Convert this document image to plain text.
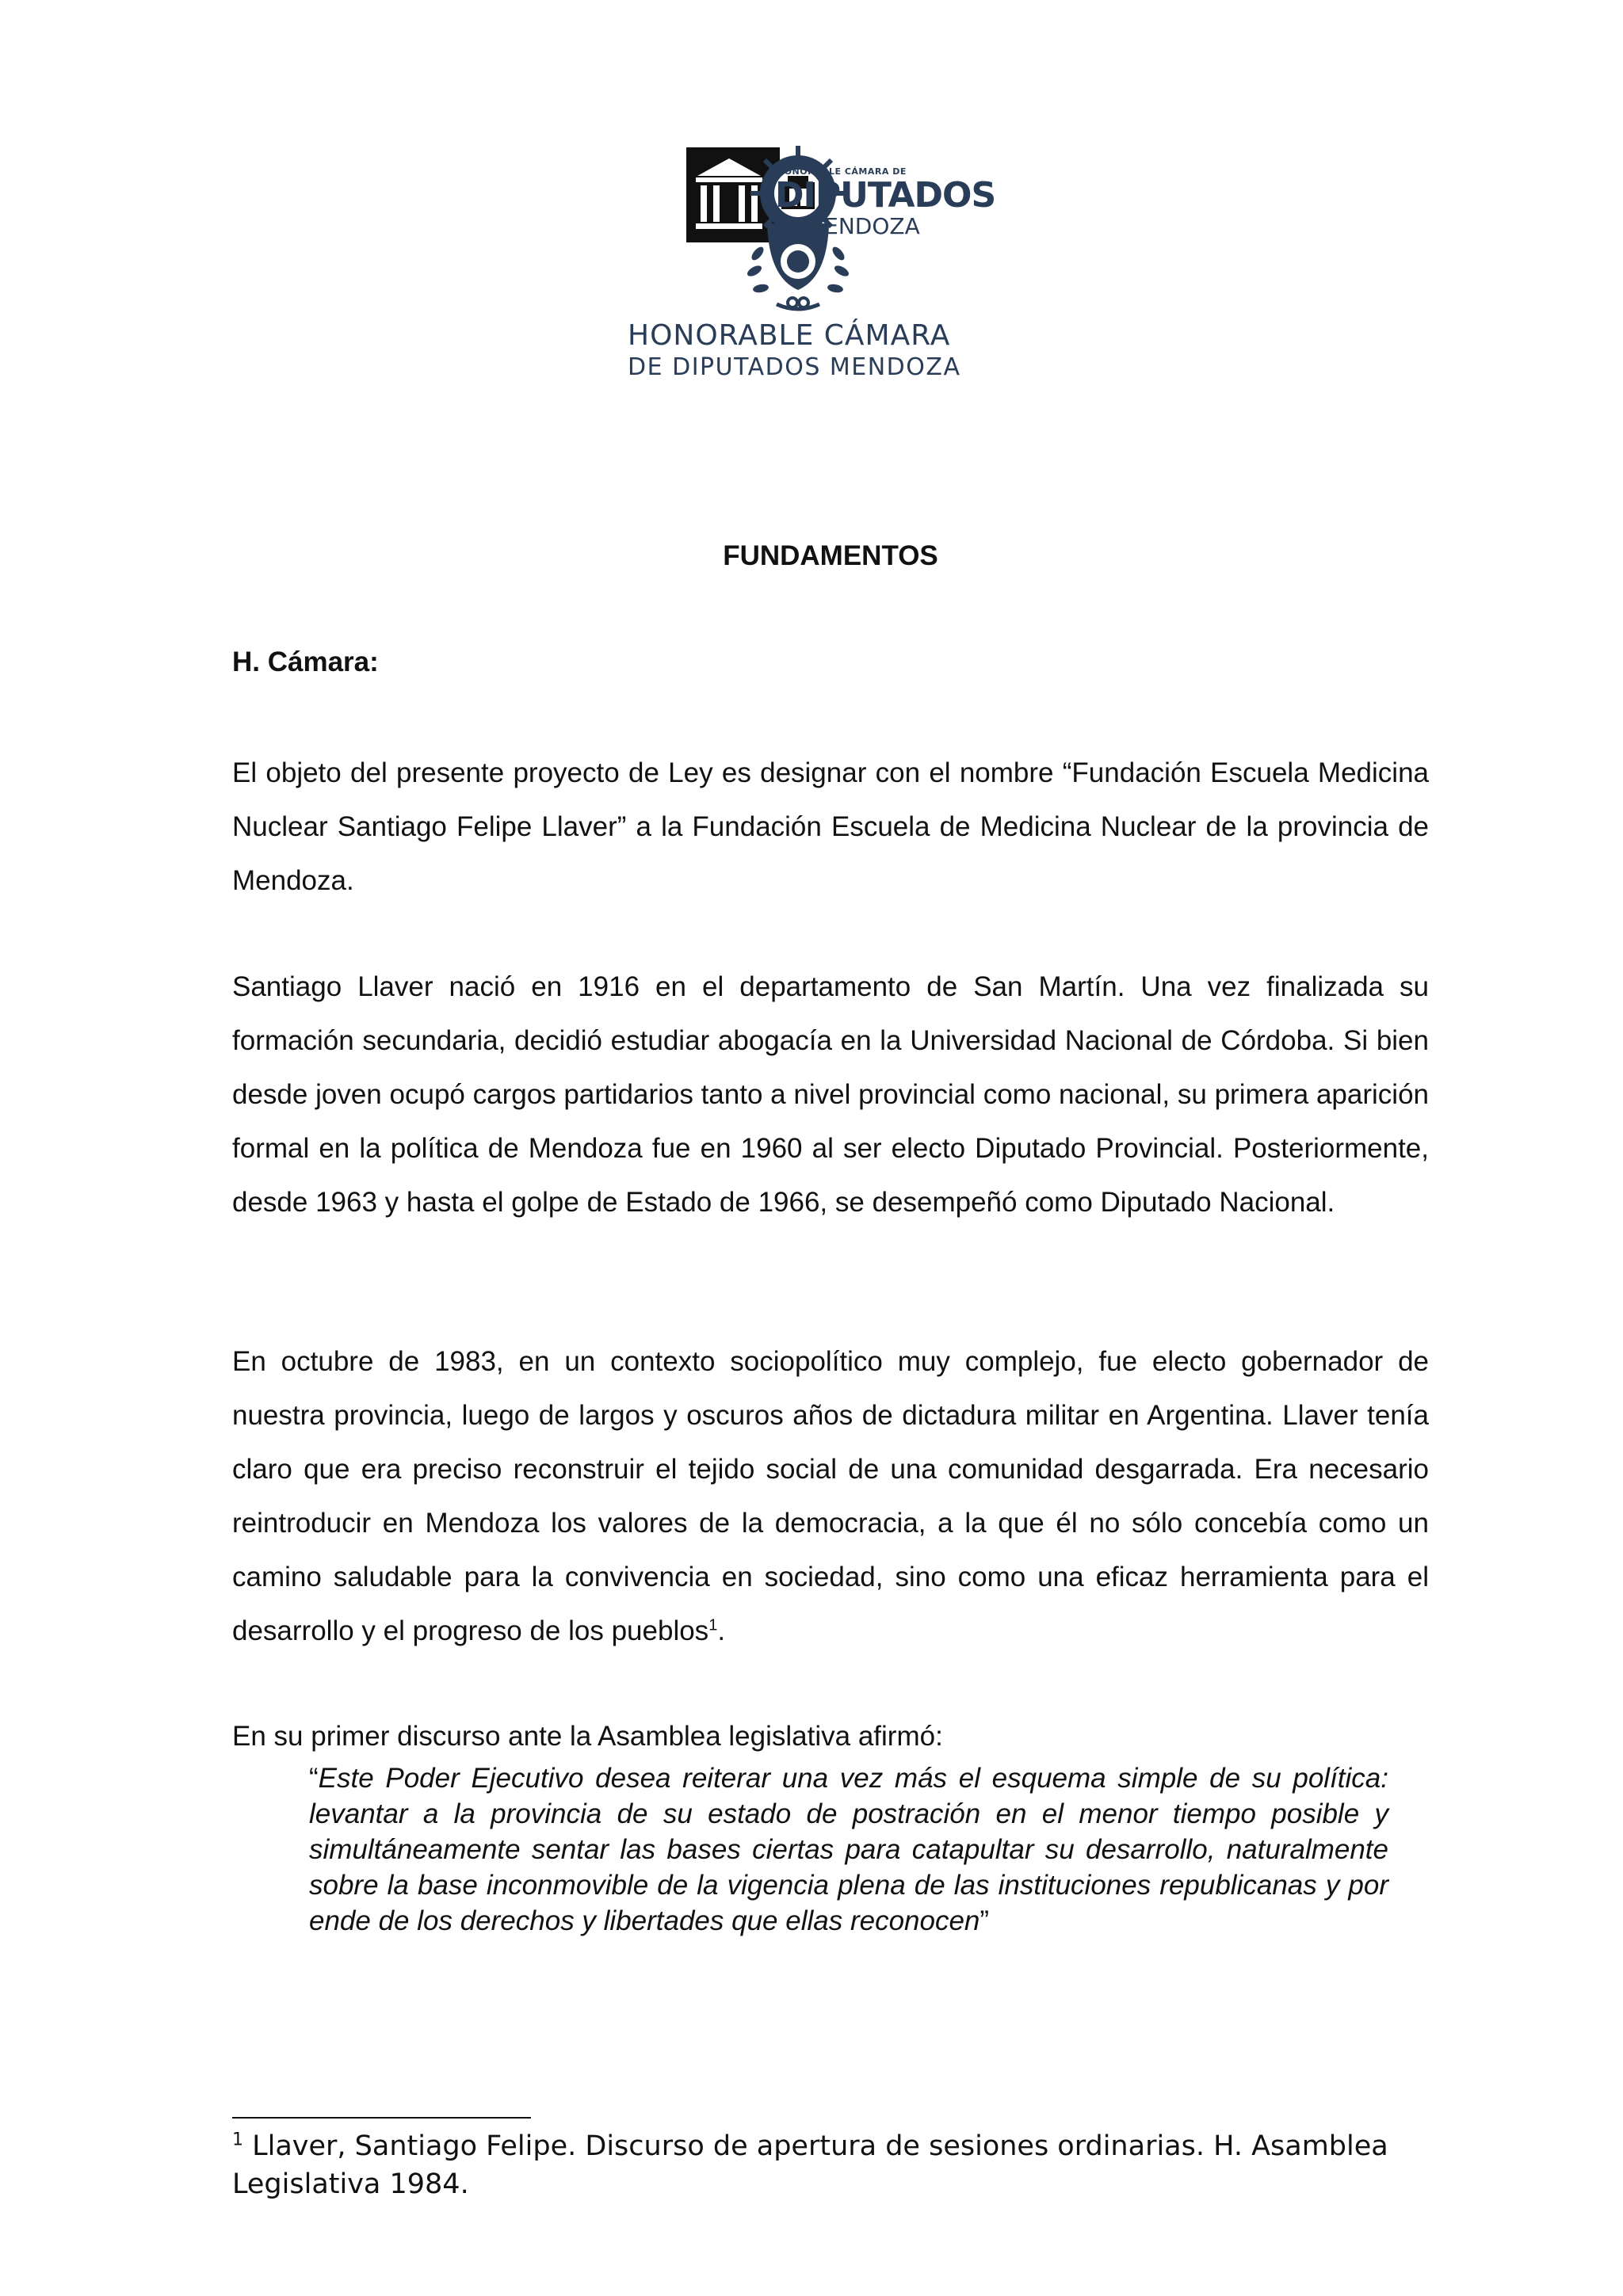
HONORABLE CÁMARA DE
DIPUTADOS
MENDOZA
HONORABLE CÁMARA
DE DIPUTADOS MENDOZA
FUNDAMENTOS
H. Cámara:

El objeto del presente proyecto de Ley es designar con el nombre “Fundación Escuela Medicina Nuclear Santiago Felipe Llaver” a la Fundación Escuela de Medicina Nuclear de la provincia de Mendoza.

Santiago Llaver nació en 1916 en el departamento de San Martín. Una vez finalizada su formación secundaria, decidió estudiar abogacía en la Universidad Nacional de Córdoba. Si bien desde joven ocupó cargos partidarios tanto a nivel provincial como nacional, su primera aparición formal en la política de Mendoza fue en 1960 al ser electo Diputado Provincial. Posteriormente, desde 1963 y hasta el golpe de Estado de 1966, se desempeñó como Diputado Nacional.

En octubre de 1983, en un contexto sociopolítico muy complejo, fue electo gobernador de nuestra provincia, luego de largos y oscuros años de dictadura militar en Argentina. Llaver tenía claro que era preciso reconstruir el tejido social de una comunidad desgarrada. Era necesario reintroducir en Mendoza los valores de la democracia, a la que él no sólo concebía como un camino saludable para la convivencia en sociedad, sino como una eficaz herramienta para el desarrollo y el progreso de los pueblos$^1$.

En su primer discurso ante la Asamblea legislativa afirmó:

“Este Poder Ejecutivo desea reiterar una vez más el esquema simple de su política: levantar a la provincia de su estado de postración en el menor tiempo posible y simultáneamente sentar las bases ciertas para catapultar su desarrollo, naturalmente sobre la base inconmovible de la vigencia plena de las instituciones republicanas y por ende de los derechos y libertades que ellas reconocen”

$^1$ Llaver, Santiago Felipe. Discurso de apertura de sesiones ordinarias. H. Asamblea Legislativa 1984.
